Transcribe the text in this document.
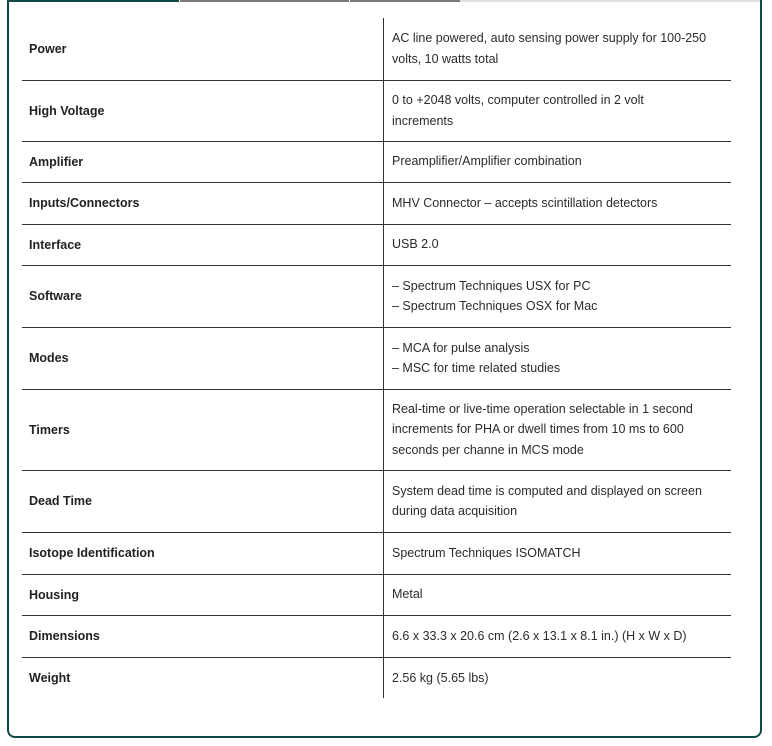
Power	AC line powered, auto sensing power supply for 100-250
volts, 10 watts total

High Voltage	0 to +2048 volts, computer controlled in 2 volt
increments

Amplifier	Preamplifier/Amplifier combination

Inputs/Connectors	MHV Connector – accepts scintillation detectors

Interface	USB 2.0

Software	– Spectrum Techniques USX for PC
– Spectrum Techniques OSX for Mac

Modes	– MCA for pulse analysis
– MSC for time related studies

Timers	Real-time or live-time operation selectable in 1 second
increments for PHA or dwell times from 10 ms to 600
seconds per channe in MCS mode

Dead Time	System dead time is computed and displayed on screen
during data acquisition

Isotope Identification	Spectrum Techniques ISOMATCH

Housing	Metal

Dimensions	6.6 x 33.3 x 20.6 cm (2.6 x 13.1 x 8.1 in.) (H x W x D)

Weight	2.56 kg (5.65 lbs)
